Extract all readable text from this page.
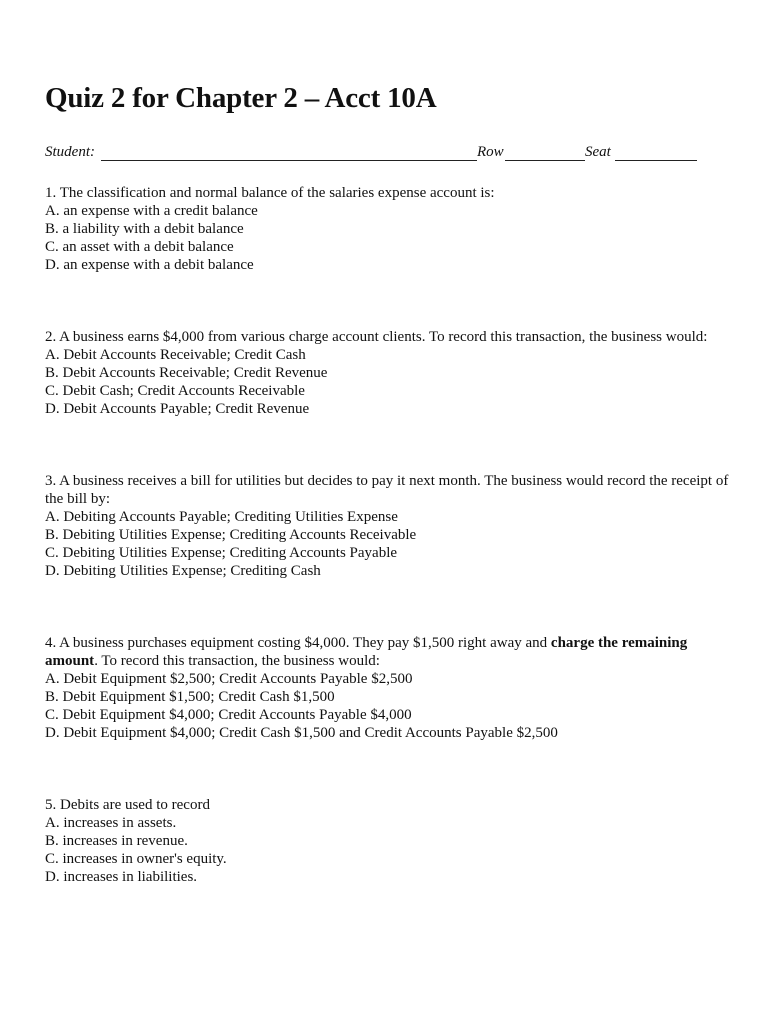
Quiz 2 for Chapter 2 – Acct 10A
Student:	Row	Seat

1. The classification and normal balance of the salaries expense account is:

A. an expense with a credit balance

B. a liability with a debit balance

C. an asset with a debit balance

D. an expense with a debit balance

2. A business earns $4,000 from various charge account clients. To record this transaction, the business would:

A. Debit Accounts Receivable; Credit Cash

B. Debit Accounts Receivable; Credit Revenue

C. Debit Cash; Credit Accounts Receivable

D. Debit Accounts Payable; Credit Revenue

3. A business receives a bill for utilities but decides to pay it next month. The business would record the receipt of the bill by:

A. Debiting Accounts Payable; Crediting Utilities Expense

B. Debiting Utilities Expense; Crediting Accounts Receivable

C. Debiting Utilities Expense; Crediting Accounts Payable

D. Debiting Utilities Expense; Crediting Cash

4. A business purchases equipment costing $4,000. They pay $1,500 right away and charge the remaining amount. To record this transaction, the business would:

A. Debit Equipment $2,500; Credit Accounts Payable $2,500

B. Debit Equipment $1,500; Credit Cash $1,500

C. Debit Equipment $4,000; Credit Accounts Payable $4,000

D. Debit Equipment $4,000; Credit Cash $1,500 and Credit Accounts Payable $2,500

5. Debits are used to record

A. increases in assets.

B. increases in revenue.

C. increases in owner's equity.

D. increases in liabilities.
